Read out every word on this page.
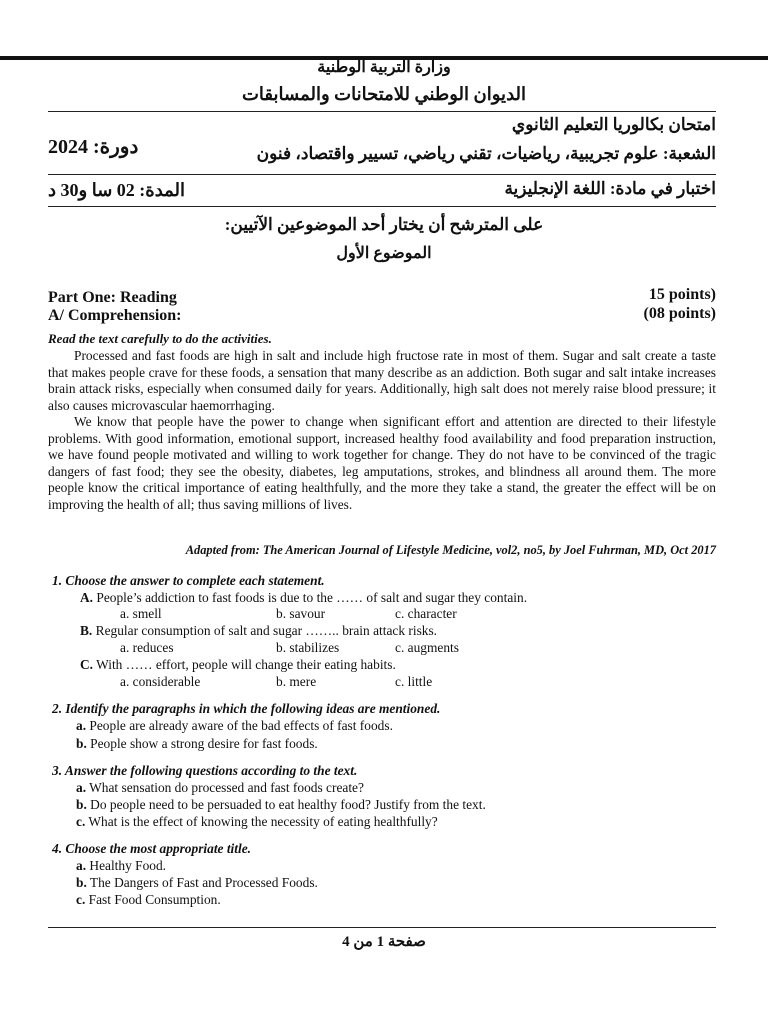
وزارة التربية الوطنية
الديوان الوطني للامتحانات والمسابقات
امتحان بكالوريا التعليم الثانوي
دورة: 2024	الشعبة: علوم تجريبية، رياضيات، تقني رياضي، تسيير واقتصاد، فنون
اختبار في مادة: اللغة الإنجليزية
المدة: 02 سا و30 د
على المترشح أن يختار أحد الموضوعين الآتيين:
الموضوع الأول
Part One: Reading	15 points)
A/ Comprehension:	(08 points)
Read the text carefully to do the activities.

Processed and fast foods are high in salt and include high fructose rate in most of them. Sugar and salt create a taste that makes people crave for these foods, a sensation that many describe as an addiction. Both sugar and salt intake increases brain attack risks, especially when consumed daily for years. Additionally, high salt does not merely raise blood pressure; it also causes microvascular haemorrhaging.

We know that people have the power to change when significant effort and attention are directed to their lifestyle problems. With good information, emotional support, increased healthy food availability and food preparation instruction, we have found people motivated and willing to work together for change. They do not have to be convinced of the tragic dangers of fast food; they see the obesity, diabetes, leg amputations, strokes, and blindness all around them. The more people know the critical importance of eating healthfully, and the more they take a stand, the greater the effect will be on improving the health of all; thus saving millions of lives.

Adapted from: The American Journal of Lifestyle Medicine, vol2, no5, by Joel Fuhrman, MD, Oct 2017
1. Choose the answer to complete each statement.
A. People’s addiction to fast foods is due to the …… of salt and sugar they contain.
a. smell	b. savour	c. character
B. Regular consumption of salt and sugar …….. brain attack risks.
a. reduces	b. stabilizes	c. augments
C. With …… effort, people will change their eating habits.
a. considerable	b. mere	c. little
2. Identify the paragraphs in which the following ideas are mentioned.
a. People are already aware of the bad effects of fast foods.
b. People show a strong desire for fast foods.
3. Answer the following questions according to the text.
a. What sensation do processed and fast foods create?
b. Do people need to be persuaded to eat healthy food? Justify from the text.
c. What is the effect of knowing the necessity of eating healthfully?
4. Choose the most appropriate title.
a. Healthy Food.
b. The Dangers of Fast and Processed Foods.
c. Fast Food Consumption.
صفحة 1 من 4
